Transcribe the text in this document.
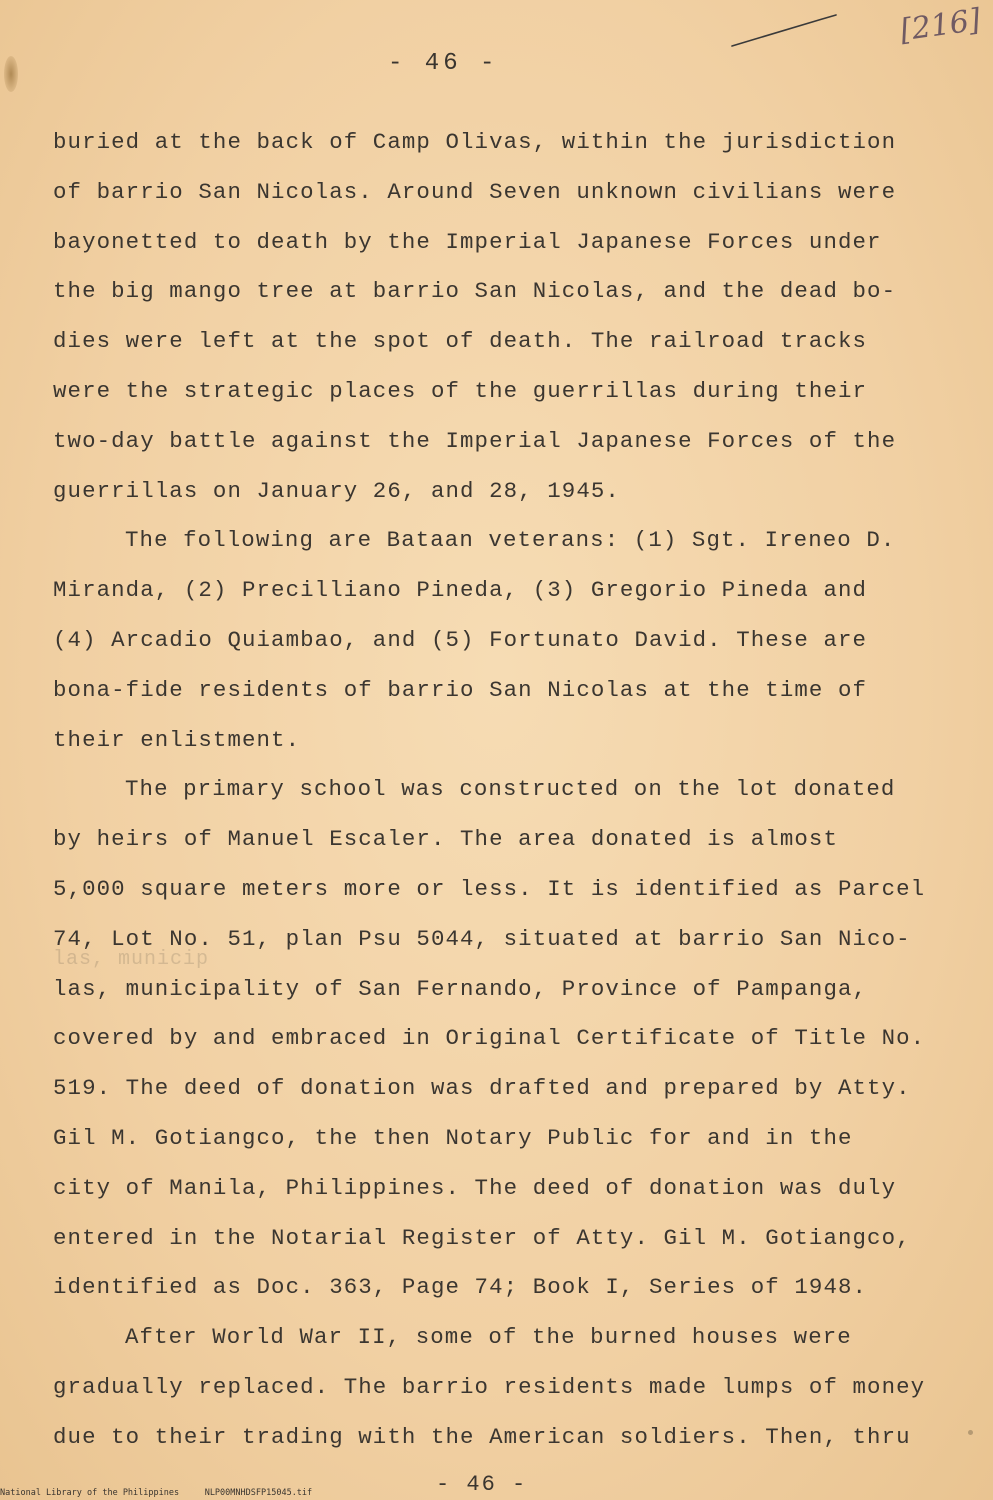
- 46 -
[216]
las, municip
buried at the back of Camp Olivas, within the jurisdiction
of barrio San Nicolas. Around Seven unknown civilians were
bayonetted to death by the Imperial Japanese Forces under
the big mango tree at barrio San Nicolas, and the dead bo-
dies were left at the spot of death. The railroad tracks
were the strategic places of the guerrillas during their
two-day battle against the Imperial Japanese Forces of the
guerrillas on January 26, and 28, 1945.
The following are Bataan veterans: (1) Sgt. Ireneo D.
Miranda, (2) Precilliano Pineda, (3) Gregorio Pineda and
(4) Arcadio Quiambao, and (5) Fortunato David. These are
bona-fide residents of barrio San Nicolas at the time of
their enlistment.
The primary school was constructed on the lot donated
by heirs of Manuel Escaler. The area donated is almost
5,000 square meters more or less. It is identified as Parcel
74, Lot No. 51, plan Psu 5044, situated at barrio San Nico-
las, municipality of San Fernando, Province of Pampanga,
covered by and embraced in Original Certificate of Title No.
519. The deed of donation was drafted and prepared by Atty.
Gil M. Gotiangco, the then Notary Public for and in the
city of Manila, Philippines. The deed of donation was duly
entered in the Notarial Register of Atty. Gil M. Gotiangco,
identified as Doc. 363, Page 74; Book I, Series of 1948.
After World War II, some of the burned houses were
gradually replaced. The barrio residents made lumps of money
due to their trading with the American soldiers. Then, thru
- 46 -
National Library of the Philippines     NLP00MNHDSFP15045.tif
